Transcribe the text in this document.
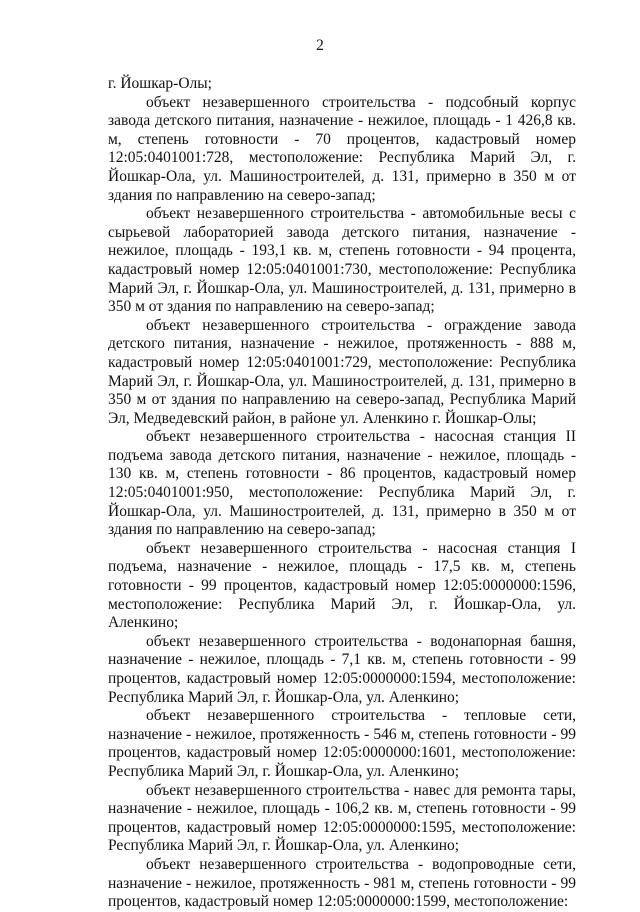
2

г. Йошкар-Олы;

объект незавершенного строительства - подсобный корпус завода детского питания, назначение - нежилое, площадь - 1 426,8 кв. м, степень готовности - 70 процентов, кадастровый номер 12:05:0401001:728, местоположение: Республика Марий Эл, г. Йошкар-Ола, ул. Машиностроителей, д. 131, примерно в 350 м от здания по направлению на северо-запад;

объект незавершенного строительства - автомобильные весы с сырьевой лабораторией завода детского питания, назначение - нежилое, площадь - 193,1 кв. м, степень готовности - 94 процента, кадастровый номер 12:05:0401001:730, местоположение: Республика Марий Эл, г. Йошкар-Ола, ул. Машиностроителей, д. 131, примерно в 350 м от здания по направлению на северо-запад;

объект незавершенного строительства - ограждение завода детского питания, назначение - нежилое, протяженность - 888 м, кадастровый номер 12:05:0401001:729, местоположение: Республика Марий Эл, г. Йошкар-Ола, ул. Машиностроителей, д. 131, примерно в 350 м от здания по направлению на северо-запад, Республика Марий Эл, Медведевский район, в районе ул. Аленкино г. Йошкар-Олы;

объект незавершенного строительства - насосная станция II подъема завода детского питания, назначение - нежилое, площадь - 130 кв. м, степень готовности - 86 процентов, кадастровый номер 12:05:0401001:950, местоположение: Республика Марий Эл, г. Йошкар-Ола, ул. Машиностроителей, д. 131, примерно в 350 м от здания по направлению на северо-запад;

объект незавершенного строительства - насосная станция I подъема, назначение - нежилое, площадь - 17,5 кв. м, степень готовности - 99 процентов, кадастровый номер 12:05:0000000:1596, местоположение: Республика Марий Эл, г. Йошкар-Ола, ул. Аленкино;

объект незавершенного строительства - водонапорная башня, назначение - нежилое, площадь - 7,1 кв. м, степень готовности - 99 процентов, кадастровый номер 12:05:0000000:1594, местоположение: Республика Марий Эл, г. Йошкар-Ола, ул. Аленкино;

объект незавершенного строительства - тепловые сети, назначение - нежилое, протяженность - 546 м, степень готовности - 99 процентов, кадастровый номер 12:05:0000000:1601, местоположение: Республика Марий Эл, г. Йошкар-Ола, ул. Аленкино;

объект незавершенного строительства - навес для ремонта тары, назначение - нежилое, площадь - 106,2 кв. м, степень готовности - 99 процентов, кадастровый номер 12:05:0000000:1595, местоположение: Республика Марий Эл, г. Йошкар-Ола, ул. Аленкино;

объект незавершенного строительства - водопроводные сети, назначение - нежилое, протяженность - 981 м, степень готовности - 99 процентов, кадастровый номер 12:05:0000000:1599, местоположение:
